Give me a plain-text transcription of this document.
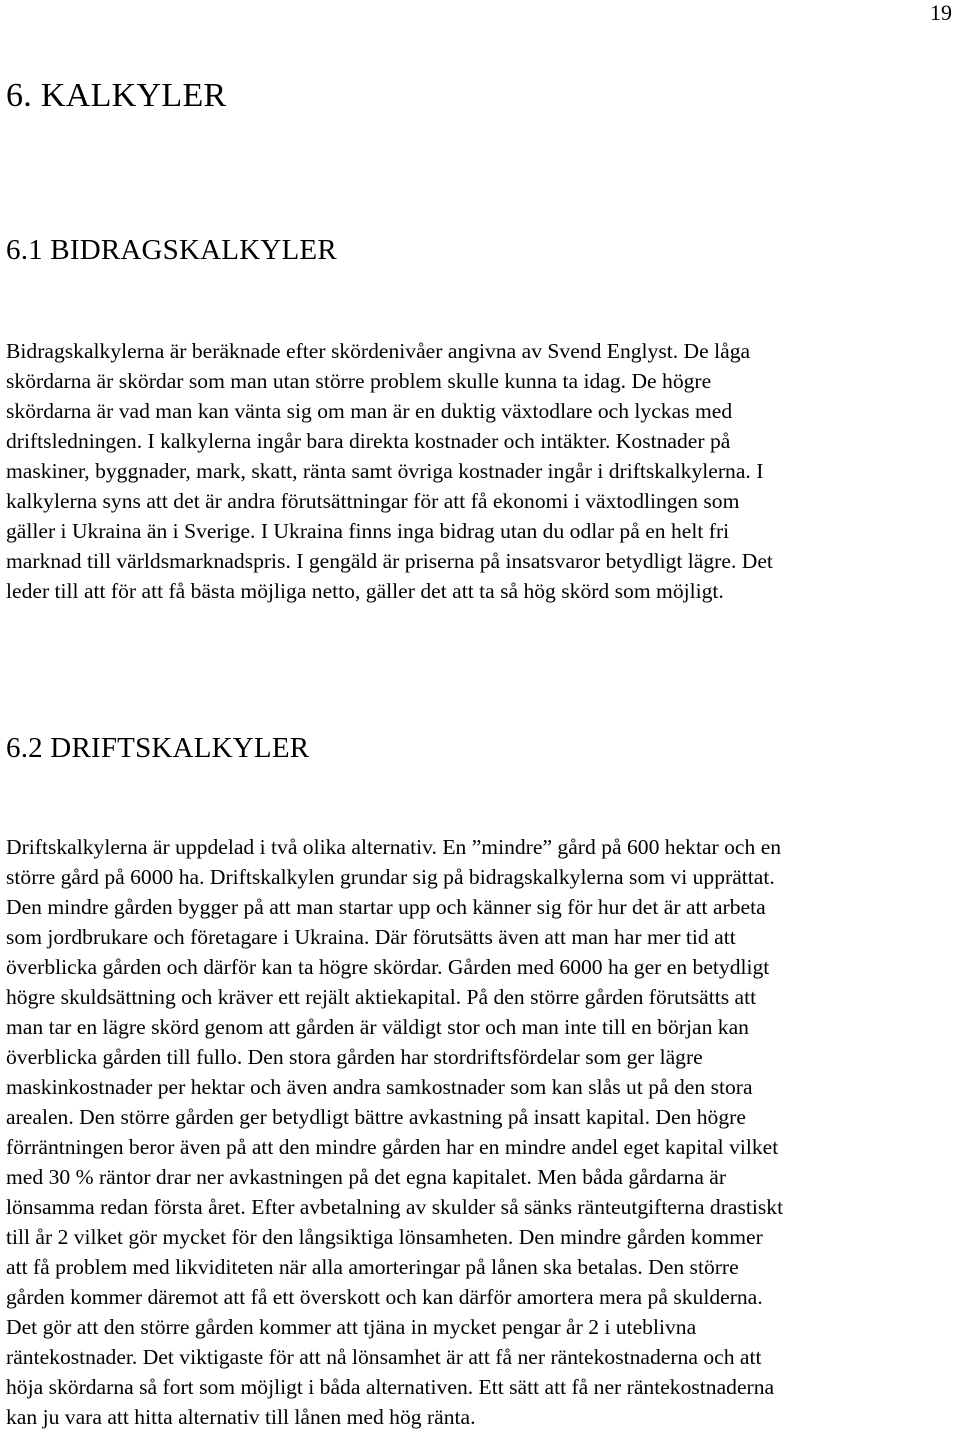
19
6. KALKYLER
6.1 BIDRAGSKALKYLER

Bidragskalkylerna är beräknade efter skördenivåer angivna av Svend Englyst. De låga
skördarna är skördar som man utan större problem skulle kunna ta idag. De högre
skördarna är vad man kan vänta sig om man är en duktig växtodlare och lyckas med
driftsledningen. I kalkylerna ingår bara direkta kostnader och intäkter. Kostnader på
maskiner, byggnader, mark, skatt, ränta samt övriga kostnader ingår i driftskalkylerna. I
kalkylerna syns att det är andra förutsättningar för att få ekonomi i växtodlingen som
gäller i Ukraina än i Sverige. I Ukraina finns inga bidrag utan du odlar på en helt fri
marknad till världsmarknadspris. I gengäld är priserna på insatsvaror betydligt lägre. Det
leder till att för att få bästa möjliga netto, gäller det att ta så hög skörd som möjligt.

6.2 DRIFTSKALKYLER

Driftskalkylerna är uppdelad i två olika alternativ. En ”mindre” gård på 600 hektar och en
större gård på 6000 ha. Driftskalkylen grundar sig på bidragskalkylerna som vi upprättat.
Den mindre gården bygger på att man startar upp och känner sig för hur det är att arbeta
som jordbrukare och företagare i Ukraina. Där förutsätts även att man har mer tid att
överblicka gården och därför kan ta högre skördar. Gården med 6000 ha ger en betydligt
högre skuldsättning och kräver ett rejält aktiekapital. På den större gården förutsätts att
man tar en lägre skörd genom att gården är väldigt stor och man inte till en början kan
överblicka gården till fullo. Den stora gården har stordriftsfördelar som ger lägre
maskinkostnader per hektar och även andra samkostnader som kan slås ut på den stora
arealen. Den större gården ger betydligt bättre avkastning på insatt kapital. Den högre
förräntningen beror även på att den mindre gården har en mindre andel eget kapital vilket
med 30 % räntor drar ner avkastningen på det egna kapitalet. Men båda gårdarna är
lönsamma redan första året. Efter avbetalning av skulder så sänks ränteutgifterna drastiskt
till år 2 vilket gör mycket för den långsiktiga lönsamheten. Den mindre gården kommer
att få problem med likviditeten när alla amorteringar på lånen ska betalas. Den större
gården kommer däremot att få ett överskott och kan därför amortera mera på skulderna.
Det gör att den större gården kommer att tjäna in mycket pengar år 2 i uteblivna
räntekostnader. Det viktigaste för att nå lönsamhet är att få ner räntekostnaderna och att
höja skördarna så fort som möjligt i båda alternativen. Ett sätt att få ner räntekostnaderna
kan ju vara att hitta alternativ till lånen med hög ränta.
